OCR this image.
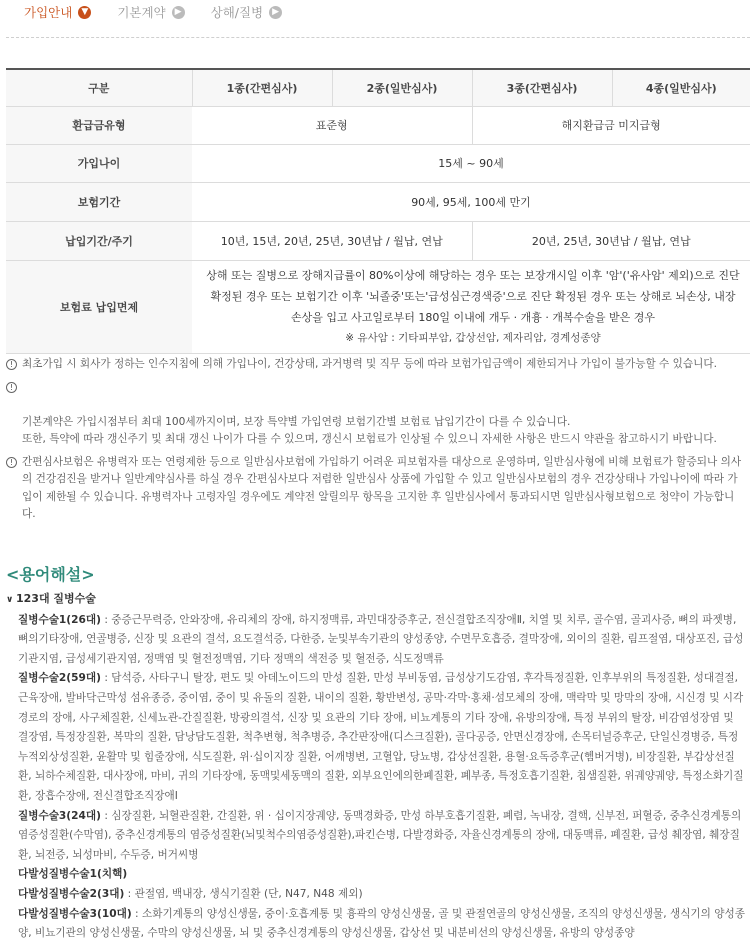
가입안내	▼ 기본계약	▶ 상해/질병	▶
구분	1종(간편심사)	2종(일반심사)	3종(간편심사)	4종(일반심사)
환급금유형	표준형		해지환급금 미지급형	
가입나이	15세 ~ 90세			
보험기간	90세, 95세, 100세 만기			
납입기간/주기	10년, 15년, 20년, 25년, 30년납 / 월납, 연납		20년, 25년, 30년납 / 월납, 연납	
보험료 납입면제	상해 또는 질병으로 장해지급률이 80%이상에 해당하는 경우 또는 보장개시일 이후 '암'('유사암' 제외)으로 진단 확정된 경우 또는 보험기간 이후 '뇌졸중'또는'급성심근경색증'으로 진단 확정된 경우 또는 상해로 뇌손상, 내장손상을 입고 사고일로부터 180일 이내에 개두 · 개흉 · 개복수술을 받은 경우
※ 유사암 : 기타피부암, 갑상선암, 제자리암, 경계성종양			
! 최초가입 시 회사가 정하는 인수지침에 의해 가입나이, 건강상태, 과거병력 및 직무 등에 따라 보험가입금액이 제한되거나 가입이 불가능할 수 있습니다.

!

기본계약은 가입시점부터 최대 100세까지이며, 보장 특약별 가입연령 보험기간별 보험료 납입기간이 다를 수 있습니다.
또한, 특약에 따라 갱신주기 및 최대 갱신 나이가 다를 수 있으며, 갱신시 보험료가 인상될 수 있으니 자세한 사항은 반드시 약관을 참고하시기 바랍니다.

! 간편심사보험은 유병력자 또는 연령제한 등으로 일반심사보험에 가입하기 어려운 피보험자를 대상으로 운영하며, 일반심사형에 비해 보험료가 할증되나 의사의 건강검진을 받거나 일반계약심사를 하실 경우 간편심사보다 저렴한 일반심사 상품에 가입할 수 있고 일반심사보험의 경우 건강상태나 가입나이에 따라 가입이 제한될 수 있습니다. 유병력자나 고령자일 경우에도 계약전 알릴의무 항목을 고지한 후 일반심사에서 통과되시면 일반심사형보험으로 청약이 가능합니다.
<용어해설>
∨ 123대 질병수술
질병수술1(26대) : 중증근무력증, 안와장애, 유리체의 장애, 하지정맥류, 과민대장증후군, 전신결합조직장애Ⅱ, 치열 및 치루, 골수염, 골괴사증, 뼈의 파젯병, 뼈의기타장애, 연골병증, 신장 및 요관의 결석, 요도결석증, 다한증, 눈및부속기관의 양성종양, 수면무호흡증, 결막장애, 외이의 질환, 림프절염, 대상포진, 급성 기관지염, 급성세기관지염, 정맥염 및 혈전정맥염, 기타 정맥의 색전증 및 혈전증, 식도정맥류
질병수술2(59대) : 담석증, 사타구니 탈장, 편도 및 아데노이드의 만성 질환, 만성 부비동염, 급성상기도감염, 후각특정질환, 인후부위의 특정질환, 성대결절, 근육장애, 발바닥근막성 섬유종증, 중이염, 중이 및 유돌의 질환, 내이의 질환, 황반변성, 공막·각막·홍채·섬모체의 장애, 맥락막 및 망막의 장애, 시신경 및 시각경로의 장애, 사구체질환, 신세뇨관-간질질환, 방광의결석, 신장 및 요관의 기타 장애, 비뇨계통의 기타 장애, 유방의장애, 특정 부위의 탈장, 비감염성장염 및 결장염, 특정장질환, 복막의 질환, 담낭담도질환, 척추변형, 척추병증, 추간판장애(디스크질환), 골다공증, 안면신경장애, 손목터널증후군, 단일신경병증, 특정 누적외상성질환, 윤활막 및 힘줄장애, 식도질환, 위·십이지장 질환, 어깨병변, 고혈압, 당뇨병, 갑상선질환, 용혈·요독증후군(헴버거병), 비장질환, 부갑상선질환, 뇌하수체질환, 대사장애, 마비, 귀의 기타장애, 동맥및세동맥의 질환, 외부요인에의한폐질환, 폐부종, 특정호흡기질환, 침샘질환, 위궤양궤양, 특정소화기질환, 장흡수장애, 전신결합조직장애Ⅰ
질병수술3(24대) : 심장질환, 뇌혈관질환, 간질환, 위 · 십이지장궤양, 동맥경화증, 만성 하부호흡기질환, 폐렴, 녹내장, 결핵, 신부전, 퍼혈증, 중추신경계통의 염증성질환(수막염), 중추신경계통의 염증성질환(뇌및척수의염증성질환),파킨슨병, 다발경화증, 자율신경계통의 장애, 대동맥류, 폐질환, 급성 췌장염, 췌장질환, 뇌전증, 뇌성마비, 수두증, 버거씨병
다발성질병수술1(치핵)
다발성질병수술2(3대) : 관절염, 백내장, 생식기질환 (단, N47, N48 제외)
다발성질병수술3(10대) : 소화기계통의 양성신생물, 중이·호흡계통 및 흉곽의 양성신생물, 골 및 관절연골의 양성신생물, 조직의 양성신생물, 생식기의 양성종양, 비뇨기관의 양성신생물, 수막의 양성신생물, 뇌 및 중추신경계통의 양성신생물, 갑상선 및 내분비선의 양성신생물, 유방의 양성종양
